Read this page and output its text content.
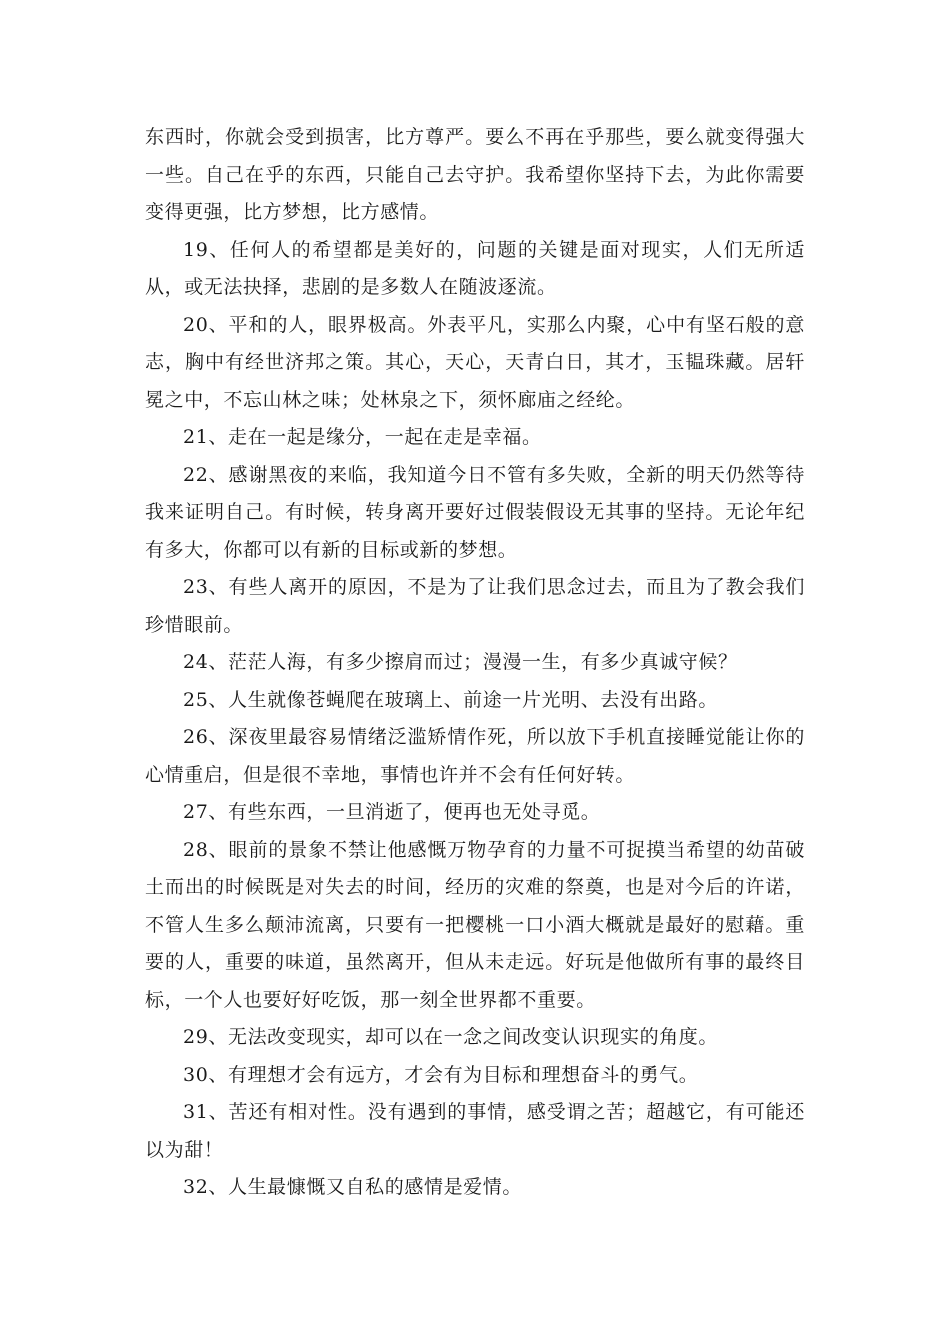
东西时，你就会受到损害，比方尊严。要么不再在乎那些，要么就变得强大一些。自己在乎的东西，只能自己去守护。我希望你坚持下去，为此你需要变得更强，比方梦想，比方感情。

19、任何人的希望都是美好的，问题的关键是面对现实，人们无所适从，或无法抉择，悲剧的是多数人在随波逐流。

20、平和的人，眼界极高。外表平凡，实那么内聚，心中有坚石般的意志，胸中有经世济邦之策。其心，天心，天青白日，其才，玉韫珠藏。居轩冕之中，不忘山林之味；处林泉之下，须怀廊庙之经纶。

21、走在一起是缘分，一起在走是幸福。

22、感谢黑夜的来临，我知道今日不管有多失败，全新的明天仍然等待我来证明自己。有时候，转身离开要好过假装假设无其事的坚持。无论年纪有多大，你都可以有新的目标或新的梦想。

23、有些人离开的原因，不是为了让我们思念过去，而且为了教会我们珍惜眼前。

24、茫茫人海，有多少擦肩而过；漫漫一生，有多少真诚守候？

25、人生就像苍蝇爬在玻璃上、前途一片光明、去没有出路。

26、深夜里最容易情绪泛滥矫情作死，所以放下手机直接睡觉能让你的心情重启，但是很不幸地，事情也许并不会有任何好转。

27、有些东西，一旦消逝了，便再也无处寻觅。

28、眼前的景象不禁让他感慨万物孕育的力量不可捉摸当希望的幼苗破土而出的时候既是对失去的时间，经历的灾难的祭奠，也是对今后的许诺，不管人生多么颠沛流离，只要有一把樱桃一口小酒大概就是最好的慰藉。重要的人，重要的味道，虽然离开，但从未走远。好玩是他做所有事的最终目标，一个人也要好好吃饭，那一刻全世界都不重要。

29、无法改变现实，却可以在一念之间改变认识现实的角度。

30、有理想才会有远方，才会有为目标和理想奋斗的勇气。

31、苦还有相对性。没有遇到的事情，感受谓之苦；超越它，有可能还以为甜！

32、人生最慷慨又自私的感情是爱情。
